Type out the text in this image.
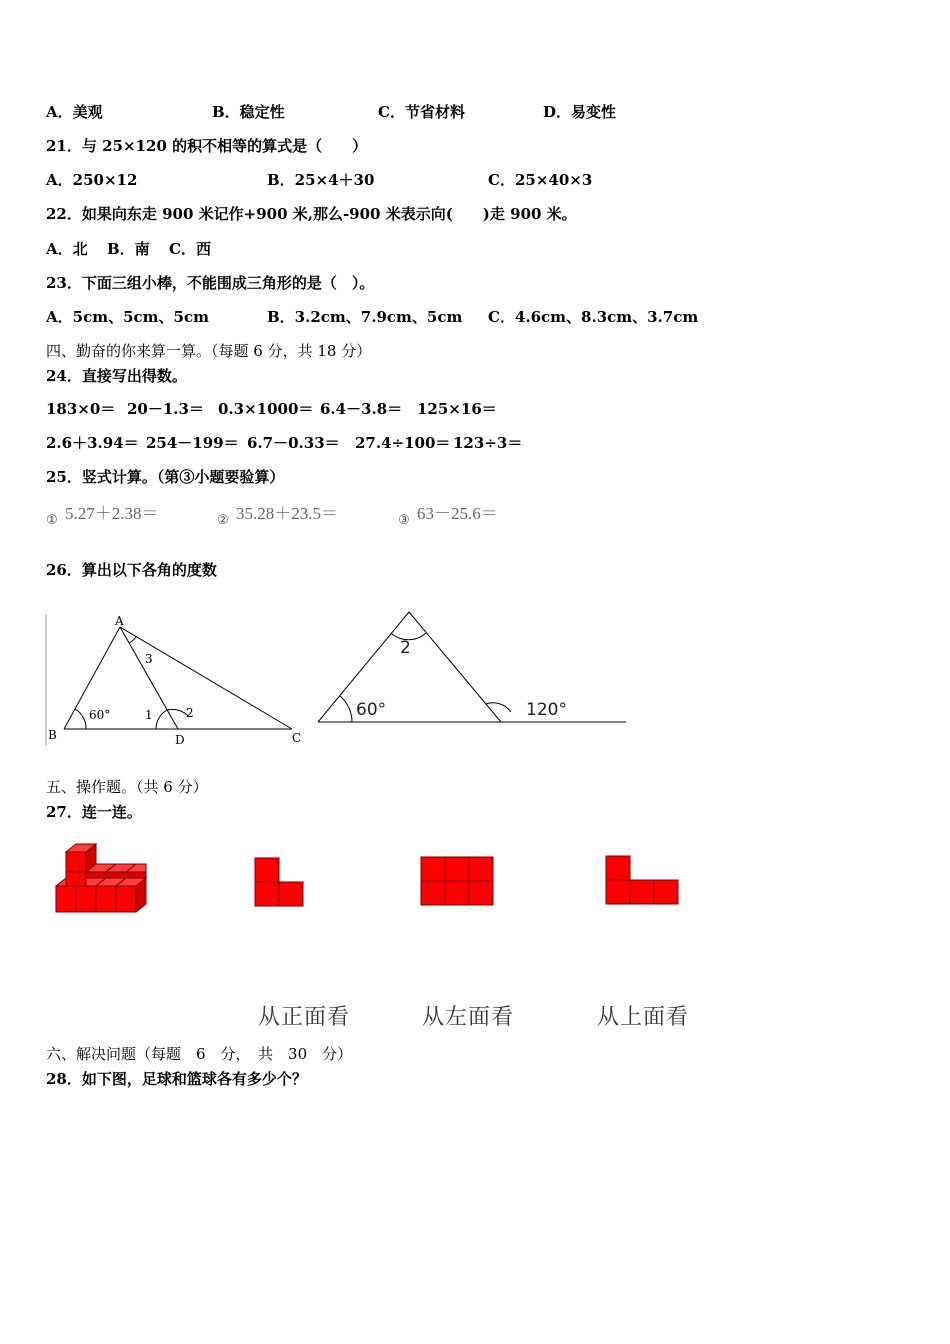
A．美观	B．稳定性	C．节省材料	D．易变性
21．与 25×120 的积不相等的算式是（　　）
A．250×12	B．25×4＋30	C．25×40×3
22．如果向东走 900 米记作+900 米,那么-900 米表示向(　　)走 900 米。
A．北 B．南 C．西
23．下面三组小棒，不能围成三角形的是（　）。
A．5cm、5cm、5cm	B．3.2cm、7.9cm、5cm C．4.6cm、8.3cm、3.7cm
四、勤奋的你来算一算。（每题 6 分，共 18 分）
24．直接写出得数。
183×0＝ 20－1.3＝ 0.3×1000＝ 6.4－3.8＝ 125×16＝
2.6＋3.94＝ 254－199＝ 6.7－0.33＝ 27.4÷100＝ 123÷3＝
25．竖式计算。（第③小题要验算）
① 5.27＋2.38＝	② 35.28＋23.5＝	③ 63－25.6＝
26．算出以下各角的度数
A
B	C
D
60°	1	2
3
2
60°	120°
五、操作题。（共 6 分）
27．连一连。
从正面看	从左面看	从上面看
六、解决问题（每题　6　分，　共　30　分）
28．如下图，足球和篮球各有多少个？
